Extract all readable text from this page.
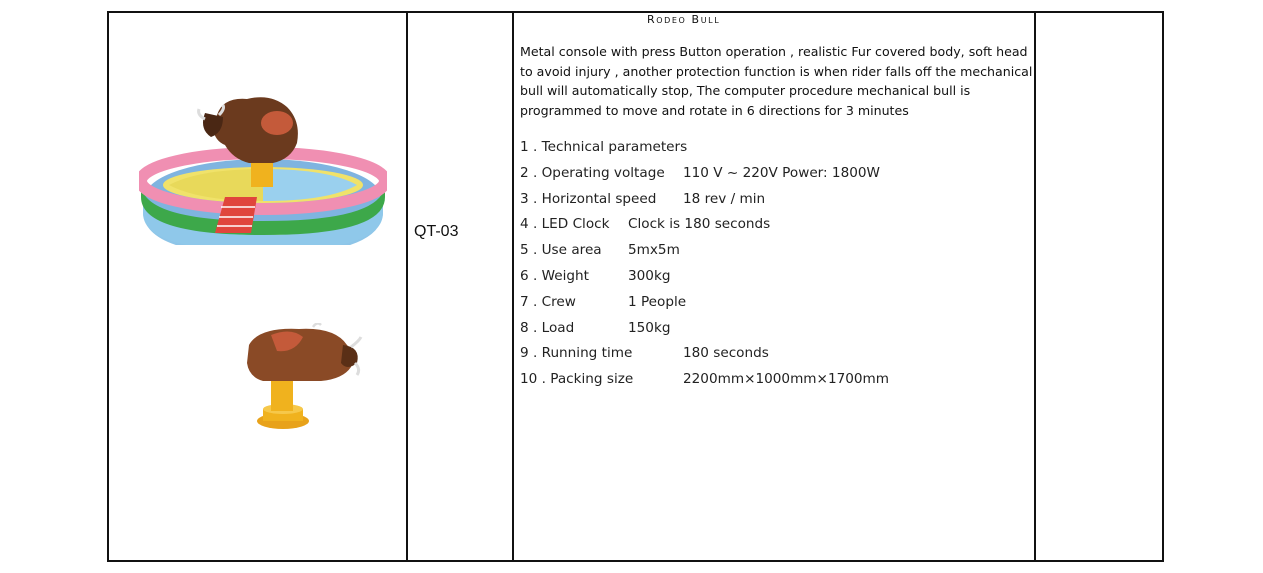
QT-03
Rodeo Bull
Metal console with press Button operation , realistic Fur covered body, soft head to avoid injury , another protection function is when rider falls off the mechanical bull will automatically stop, The computer procedure mechanical bull is programmed to move and rotate in 6 directions for 3 minutes
1 . Technical parameters
2 . Operating voltage 110 V ~ 220V Power: 1800W
3 . Horizontal speed 18 rev / min
4 . LED Clock Clock is 180 seconds
5 . Use area 5mx5m
6 . Weight	300kg
7 . Crew	1 People
8 . Load	150kg
9 . Running time	180 seconds
10 . Packing size	2200mm×1000mm×1700mm
